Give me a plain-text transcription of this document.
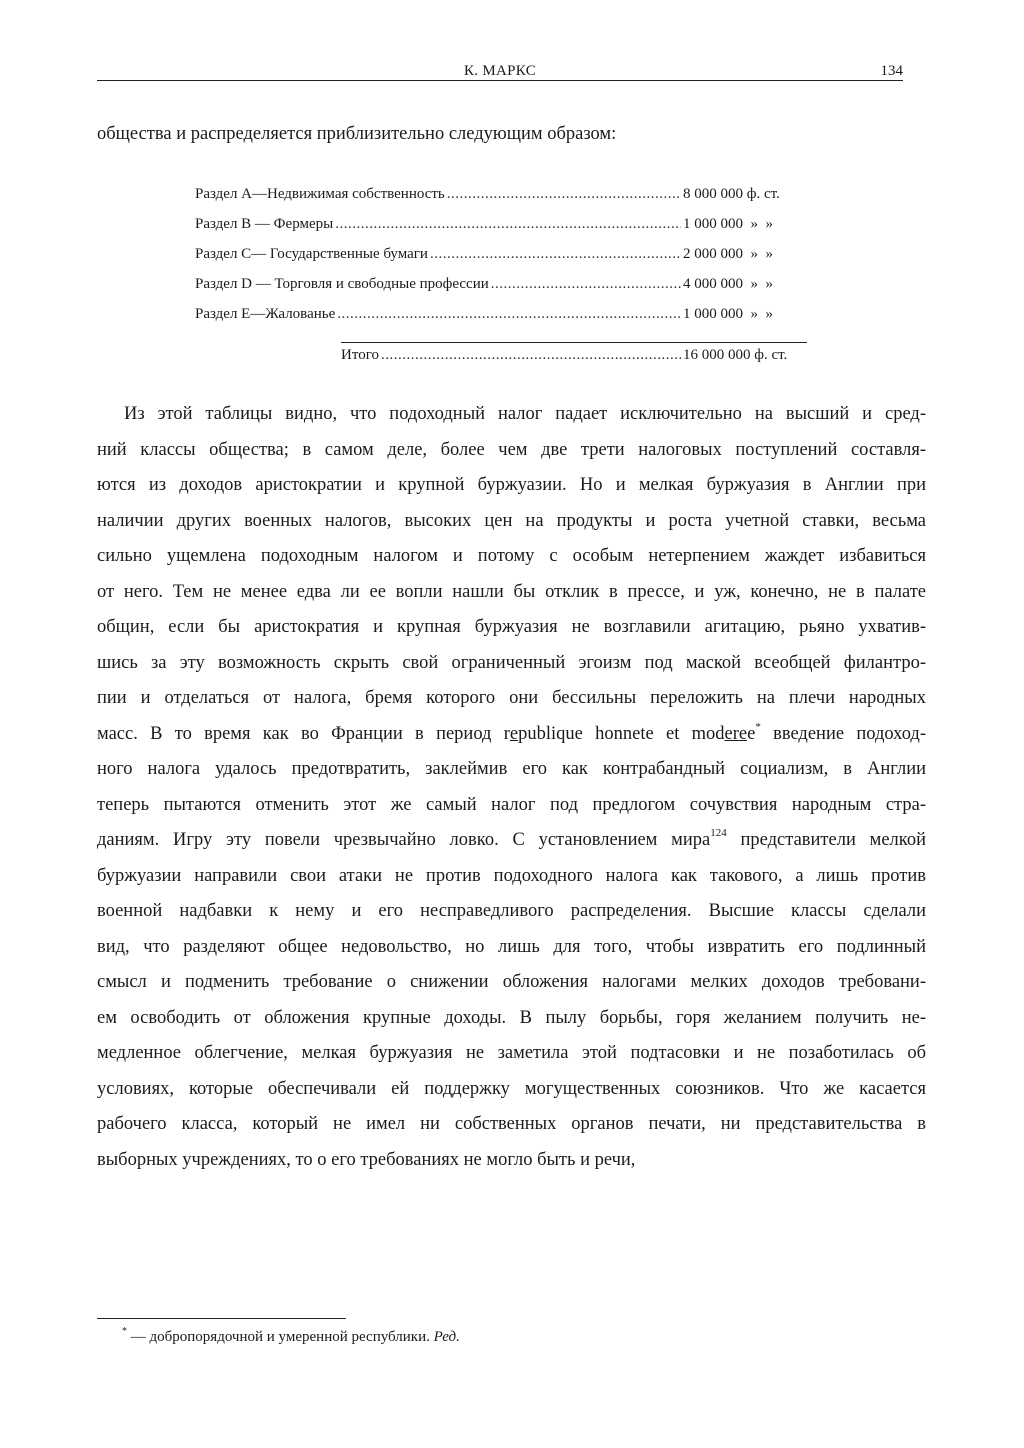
К. МАРКС	134
общества и распределяется приблизительно следующим образом:
Раздел А—Недвижимая собственность .....	8 000 000 ф. ст.
Раздел В — Фермеры .....	1 000 000  »  »
Раздел С— Государственные бумаги .....	2 000 000  »  »
Раздел D — Торговля и свободные профессии .....	4 000 000  »  »
Раздел Е—Жалованье .....	1 000 000  »  »
Итого .....	16 000 000 ф. ст.
Из этой таблицы видно, что подоходный налог падает исключительно на высший и сред-
ний классы общества; в самом деле, более чем две трети налоговых поступлений составля-
ются из доходов аристократии и крупной буржуазии. Но и мелкая буржуазия в Англии при
наличии других военных налогов, высоких цен на продукты и роста учетной ставки, весьма
сильно ущемлена подоходным налогом и потому с особым нетерпением жаждет избавиться
от него. Тем не менее едва ли ее вопли нашли бы отклик в прессе, и уж, конечно, не в палате
общин, если бы аристократия и крупная буржуазия не возглавили агитацию, рьяно ухватив-
шись за эту возможность скрыть свой ограниченный эгоизм под маской всеобщей филантро-
пии и отделаться от налога, бремя которого они бессильны переложить на плечи народных
масс. В то время как во Франции в период republique honnete et moderee* введение подоход-
ного налога удалось предотвратить, заклеймив его как контрабандный социализм, в Англии
теперь пытаются отменить этот же самый налог под предлогом сочувствия народным стра-
даниям. Игру эту повели чрезвычайно ловко. С установлением мира$^{124}$ представители мелкой
буржуазии направили свои атаки не против подоходного налога как такового, а лишь против
военной надбавки к нему и его несправедливого распределения. Высшие классы сделали
вид, что разделяют общее недовольство, но лишь для того, чтобы извратить его подлинный
смысл и подменить требование о снижении обложения налогами мелких доходов требовани-
ем освободить от обложения крупные доходы. В пылу борьбы, горя желанием получить не-
медленное облегчение, мелкая буржуазия не заметила этой подтасовки и не позаботилась об
условиях, которые обеспечивали ей поддержку могущественных союзников. Что же касается
рабочего класса, который не имел ни собственных органов печати, ни представительства в
выборных учреждениях, то о его требованиях не могло быть и речи,
* — добропорядочной и умеренной республики. Ред.
